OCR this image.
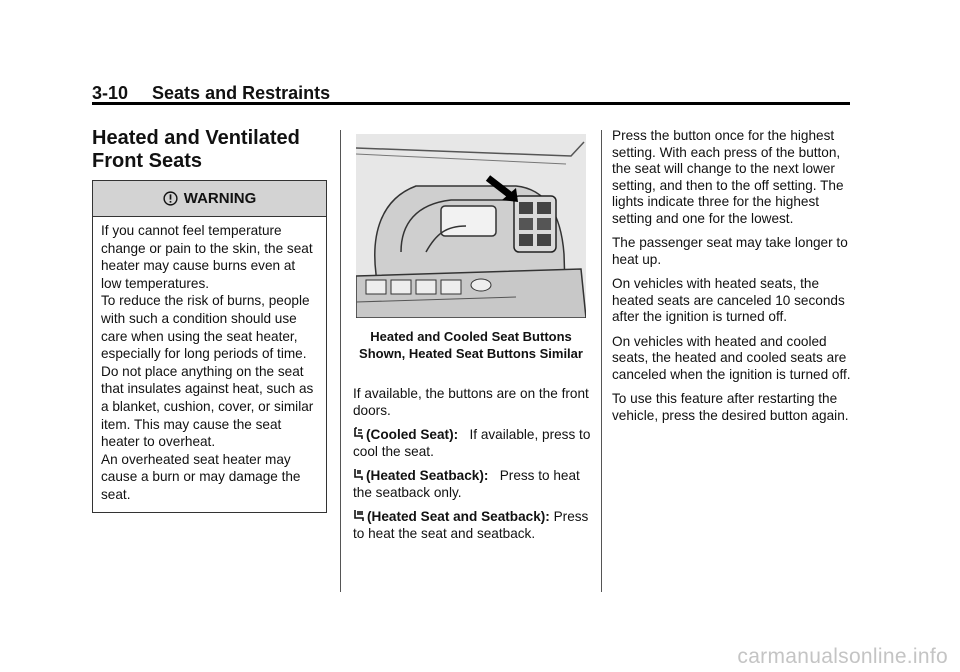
3-10 Seats and Restraints
Heated and Ventilated
Front Seats
WARNING

If you cannot feel temperature change or pain to the skin, the seat heater may cause burns even at low temperatures.

To reduce the risk of burns, people with such a condition should use care when using the seat heater, especially for long periods of time. Do not place anything on the seat that insulates against heat, such as a blanket, cushion, cover, or similar item. This may cause the seat heater to overheat.

An overheated seat heater may cause a burn or may damage the seat.

Heated and Cooled Seat Buttons Shown, Heated Seat Buttons Similar

If available, the buttons are on the front doors.

(Cooled Seat): If available, press to cool the seat.

(Heated Seatback): Press to heat the seatback only.

(Heated Seat and Seatback): Press to heat the seat and seatback.

Press the button once for the highest setting. With each press of the button, the seat will change to the next lower setting, and then to the off setting. The lights indicate three for the highest setting and one for the lowest.

The passenger seat may take longer to heat up.

On vehicles with heated seats, the heated seats are canceled 10 seconds after the ignition is turned off.

On vehicles with heated and cooled seats, the heated and cooled seats are canceled when the ignition is turned off.

To use this feature after restarting the vehicle, press the desired button again.

carmanualsonline.info
